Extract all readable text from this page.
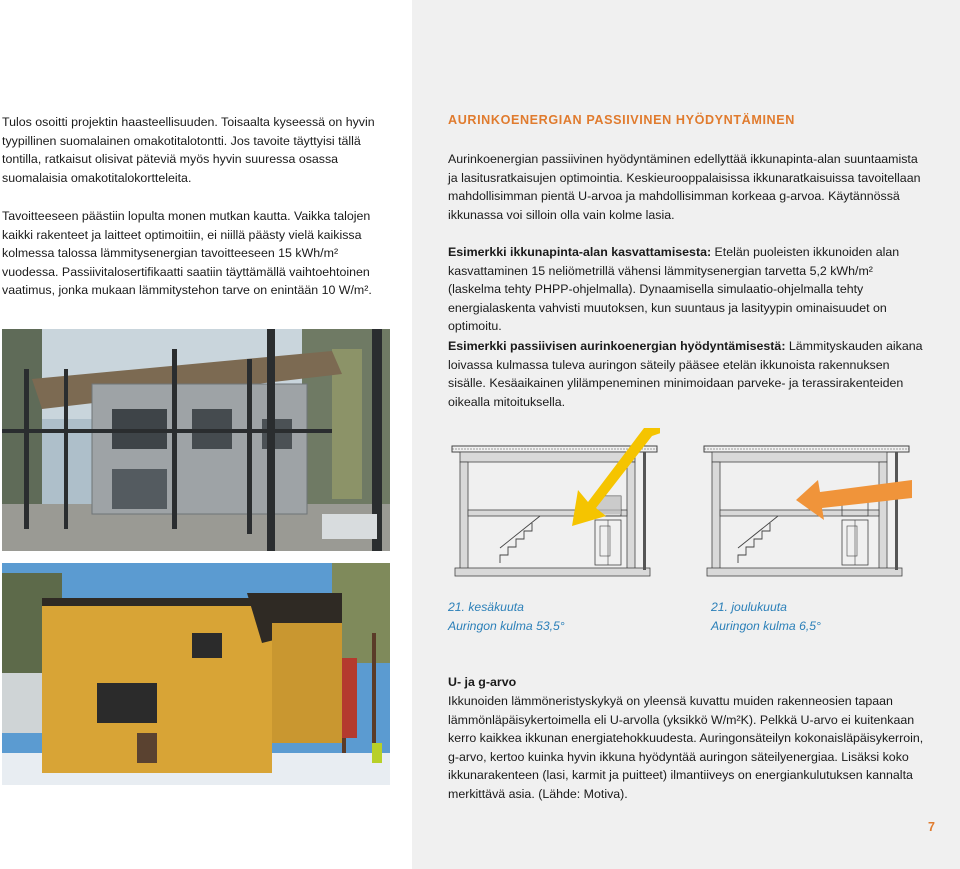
Tulos osoitti projektin haasteellisuuden. Toisaalta kyseessä on hyvin tyypillinen suomalainen omakotitalotontti. Jos tavoite täyttyisi tällä tontilla, ratkaisut olisivat päteviä myös hyvin suuressa osassa suomalaisia omakotitalokortteleita.

Tavoitteeseen päästiin lopulta monen mutkan kautta. Vaikka talojen kaikki rakenteet ja laitteet optimoitiin, ei niillä päästy vielä kaikissa kolmessa talossa lämmitysenergian tavoitteeseen 15 kWh/m² vuodessa. Passiivitalosertifikaatti saatiin täyttämällä vaihtoehtoinen vaatimus, jonka mukaan lämmitystehon tarve on enintään 10 W/m².

AURINKOENERGIAN PASSIIVINEN HYÖDYNTÄMINEN

Aurinkoenergian passiivinen hyödyntäminen edellyttää ikkunapinta-alan suuntaamista ja lasitusratkaisujen optimointia. Keskieurooppalaisissa ikkunaratkaisuissa tavoitellaan mahdollisimman pientä U-arvoa ja mahdollisimman korkeaa g-arvoa. Käytännössä ikkunassa voi silloin olla vain kolme lasia.

Esimerkki ikkunapinta-alan kasvattamisesta: Etelän puoleisten ikkunoiden alan kasvattaminen 15 neliömetrillä vähensi lämmitysenergian tarvetta 5,2 kWh/m² (laskelma tehty PHPP-ohjelmalla). Dynaamisella simulaatio-ohjelmalla tehty energialaskenta vahvisti muutoksen, kun suuntaus ja lasityypin ominaisuudet on optimoitu.

Esimerkki passiivisen aurinkoenergian hyödyntämisestä: Lämmityskauden aikana loivassa kulmassa tuleva auringon säteily pääsee etelän ikkunoista rakennuksen sisälle. Kesäaikainen ylilämpeneminen minimoidaan parveke- ja terassirakenteiden oikealla mitoituksella.

21. kesäkuuta
Auringon kulma 53,5°
21. joulukuuta
Auringon kulma 6,5°
U- ja g-arvo

Ikkunoiden lämmöneristyskykyä on yleensä kuvattu muiden rakenneosien tapaan lämmönläpäisykertoimella eli U-arvolla (yksikkö W/m²K). Pelkkä U-arvo ei kuitenkaan kerro kaikkea ikkunan energiatehokkuudesta. Auringonsäteilyn kokonaisläpäisykerroin, g-arvo, kertoo kuinka hyvin ikkuna hyödyntää auringon säteilyenergiaa. Lisäksi koko ikkunarakenteen (lasi, karmit ja puitteet) ilmantiiveys on energiankulutuksen kannalta merkittävä asia. (Lähde: Motiva).

7
